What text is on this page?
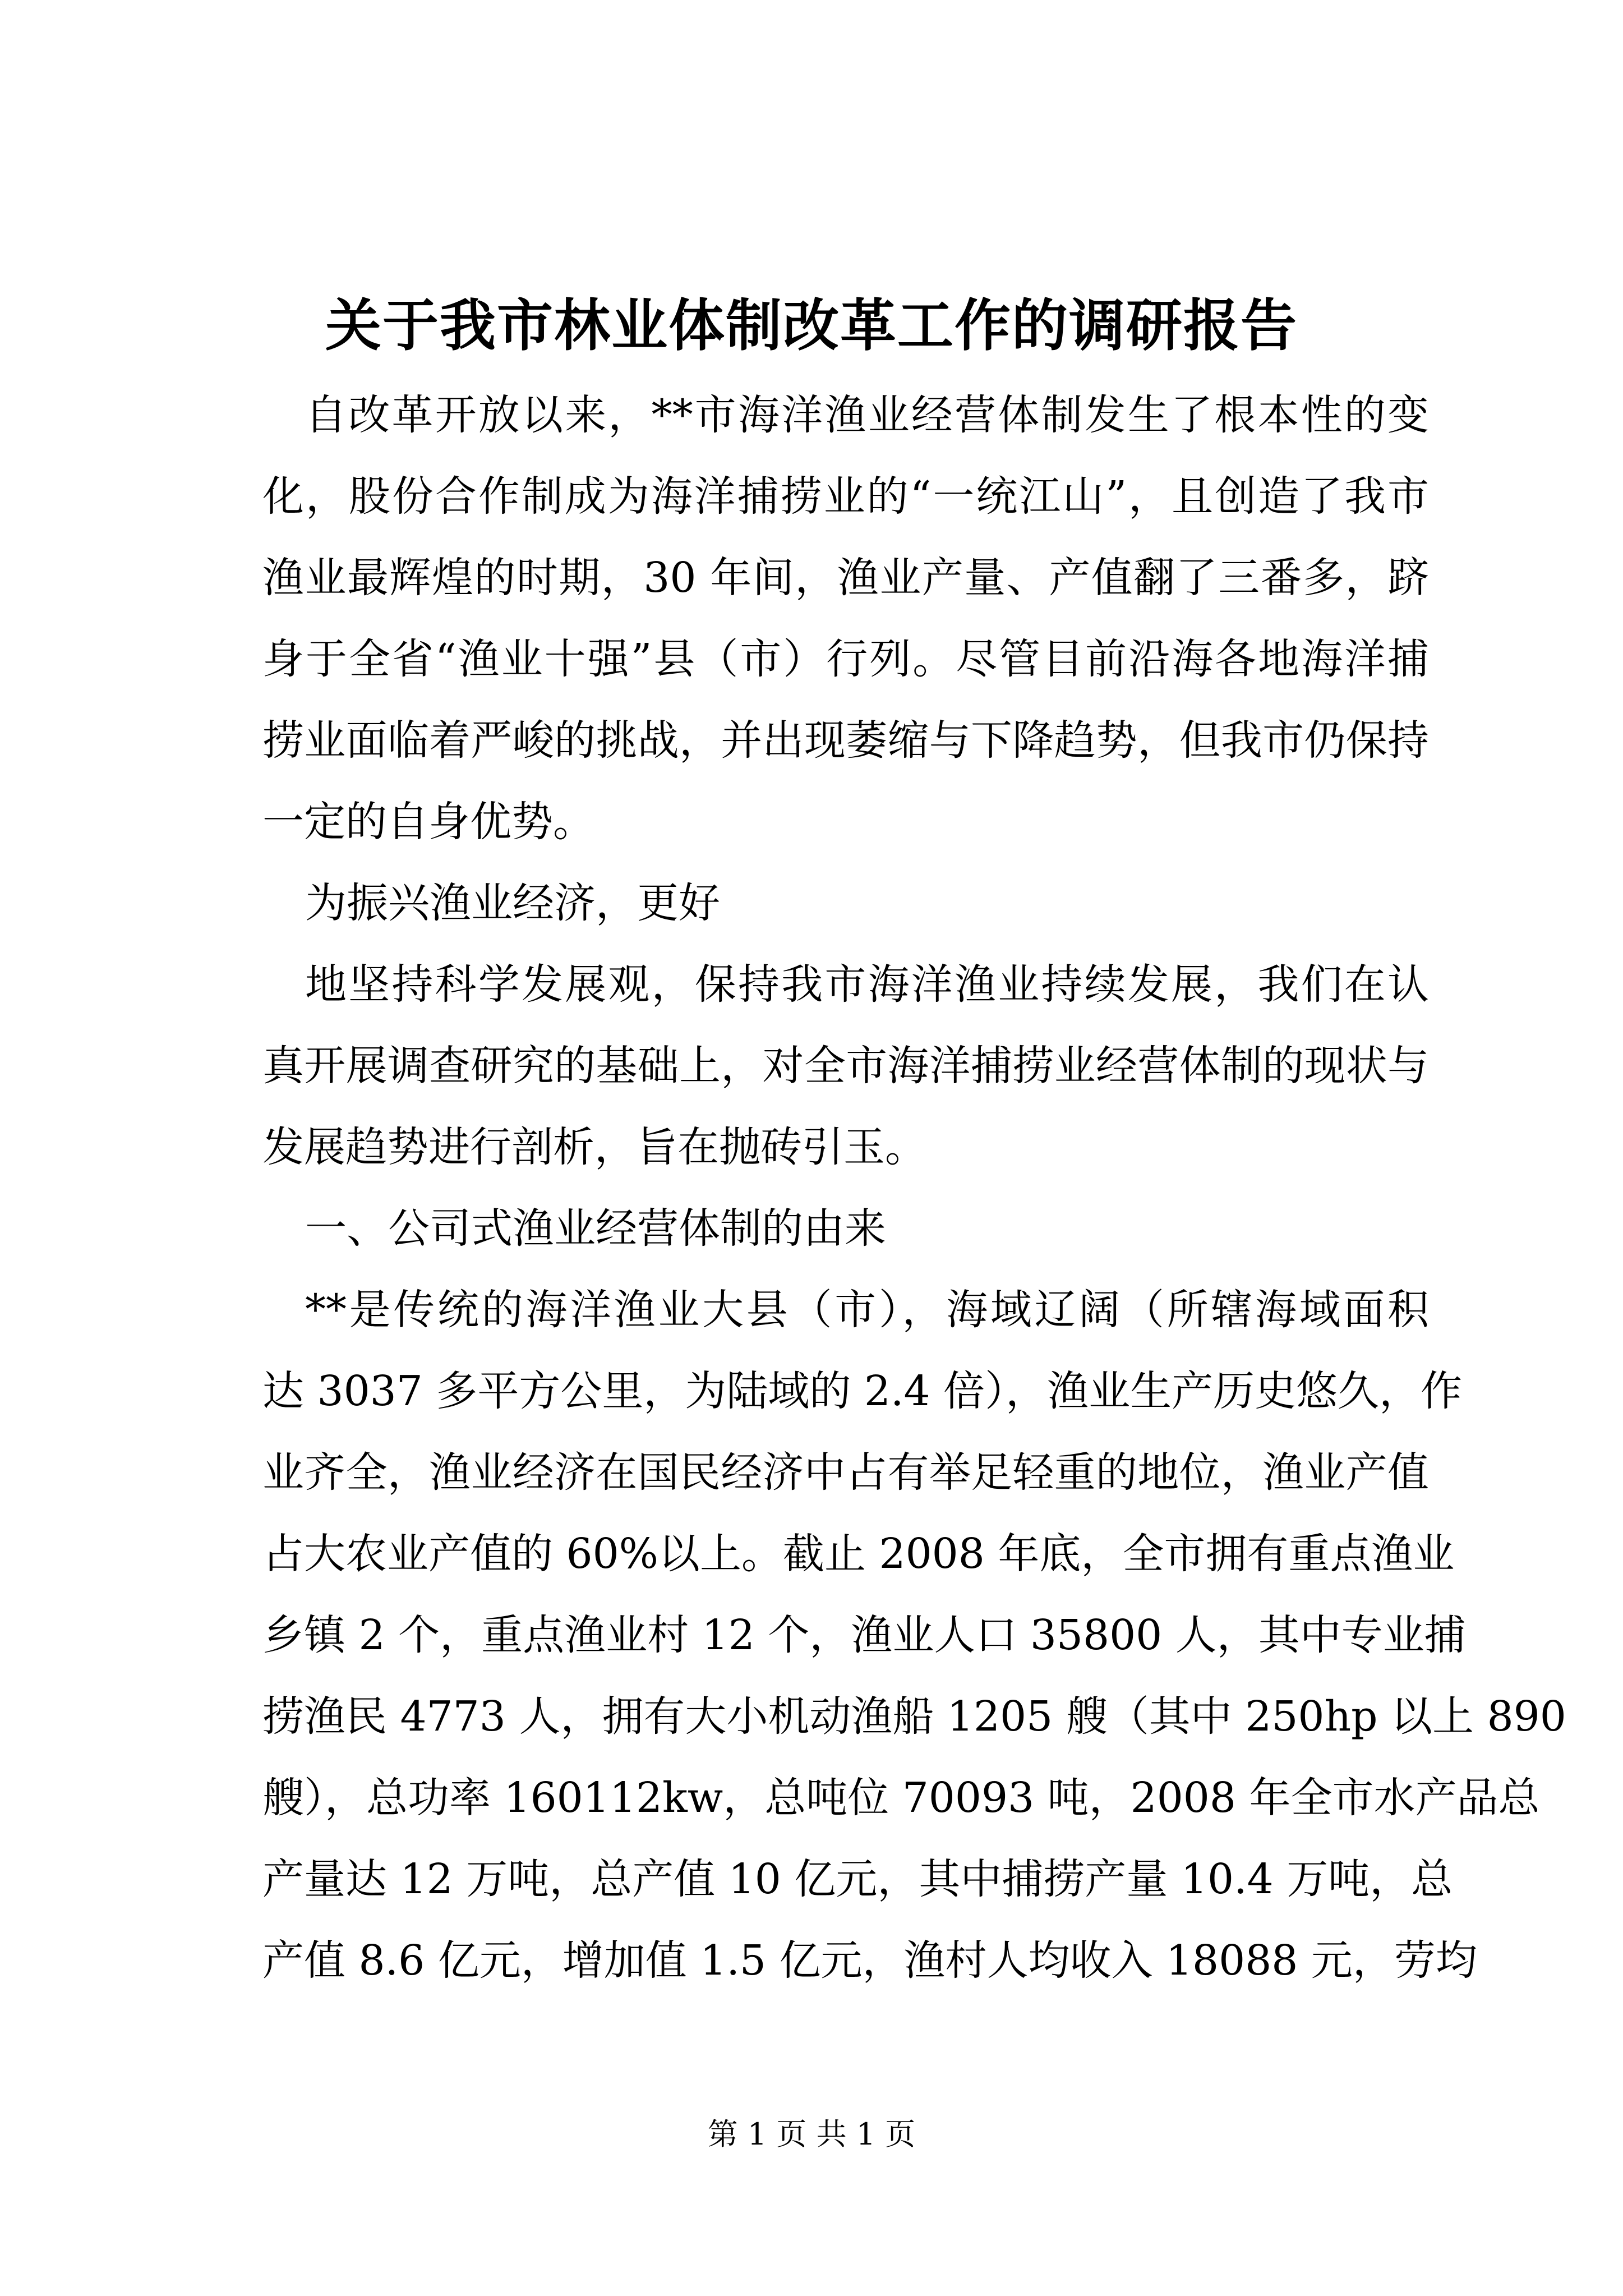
关于我市林业体制改革工作的调研报告
自改革开放以来，**市海洋渔业经营体制发生了根本性的变
化，股份合作制成为海洋捕捞业的“一统江山”，且创造了我市
渔业最辉煌的时期，30 年间，渔业产量、产值翻了三番多，跻
身于全省“渔业十强”县（市）行列。尽管目前沿海各地海洋捕
捞业面临着严峻的挑战，并出现萎缩与下降趋势，但我市仍保持
一定的自身优势。
为振兴渔业经济，更好
地坚持科学发展观，保持我市海洋渔业持续发展，我们在认
真开展调查研究的基础上，对全市海洋捕捞业经营体制的现状与
发展趋势进行剖析，旨在抛砖引玉。
一、公司式渔业经营体制的由来
**是传统的海洋渔业大县（市），海域辽阔（所辖海域面积
达 3037 多平方公里，为陆域的 2.4 倍），渔业生产历史悠久，作
业齐全，渔业经济在国民经济中占有举足轻重的地位，渔业产值
占大农业产值的 60%以上。截止 2008 年底，全市拥有重点渔业
乡镇 2 个，重点渔业村 12 个，渔业人口 35800 人，其中专业捕
捞渔民 4773 人，拥有大小机动渔船 1205 艘（其中 250hp 以上 890
艘），总功率 160112kw，总吨位 70093 吨，2008 年全市水产品总
产量达 12 万吨，总产值 10 亿元，其中捕捞产量 10.4 万吨，总
产值 8.6 亿元，增加值 1.5 亿元，渔村人均收入 18088 元，劳均
第 1 页 共 1 页
